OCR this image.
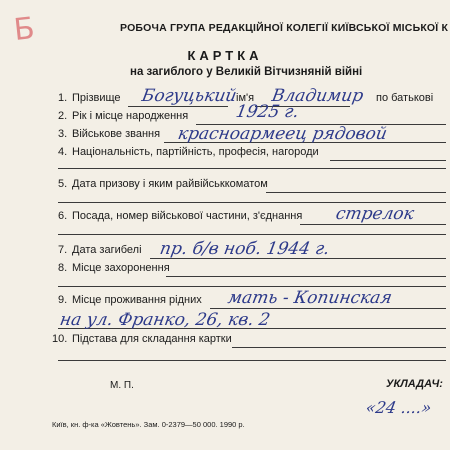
Б	РОБОЧА ГРУПА РЕДАКЦІЙНОЇ КОЛЕГІЇ КИЇВСЬКОЇ МІСЬКОЇ К
КАРТКА
на загиблого у Великій Вітчизняній війні
1. Прізвище Богуцький
ім'я Владимир по батькові
2. Рік і місце народження	1925 г.
3. Військове звання красноармеец рядовой
4. Національність, партійність, професія, нагороди
5. Дата призову і яким райвійськкоматом
6. Посада, номер військової частини, з'єднання стрелок
7. Дата загибелі пр. б/в ноб. 1944 г.
8. Місце захоронення
9. Місце проживання рідних мать - Копинская
на ул. Франко, 26, кв. 2
10. Підстава для складання картки
М. П.	УКЛАДАЧ:
«24 ....»
Київ, кн. ф-ка «Жовтень». Зам. 0-2379—50 000. 1990 р.
